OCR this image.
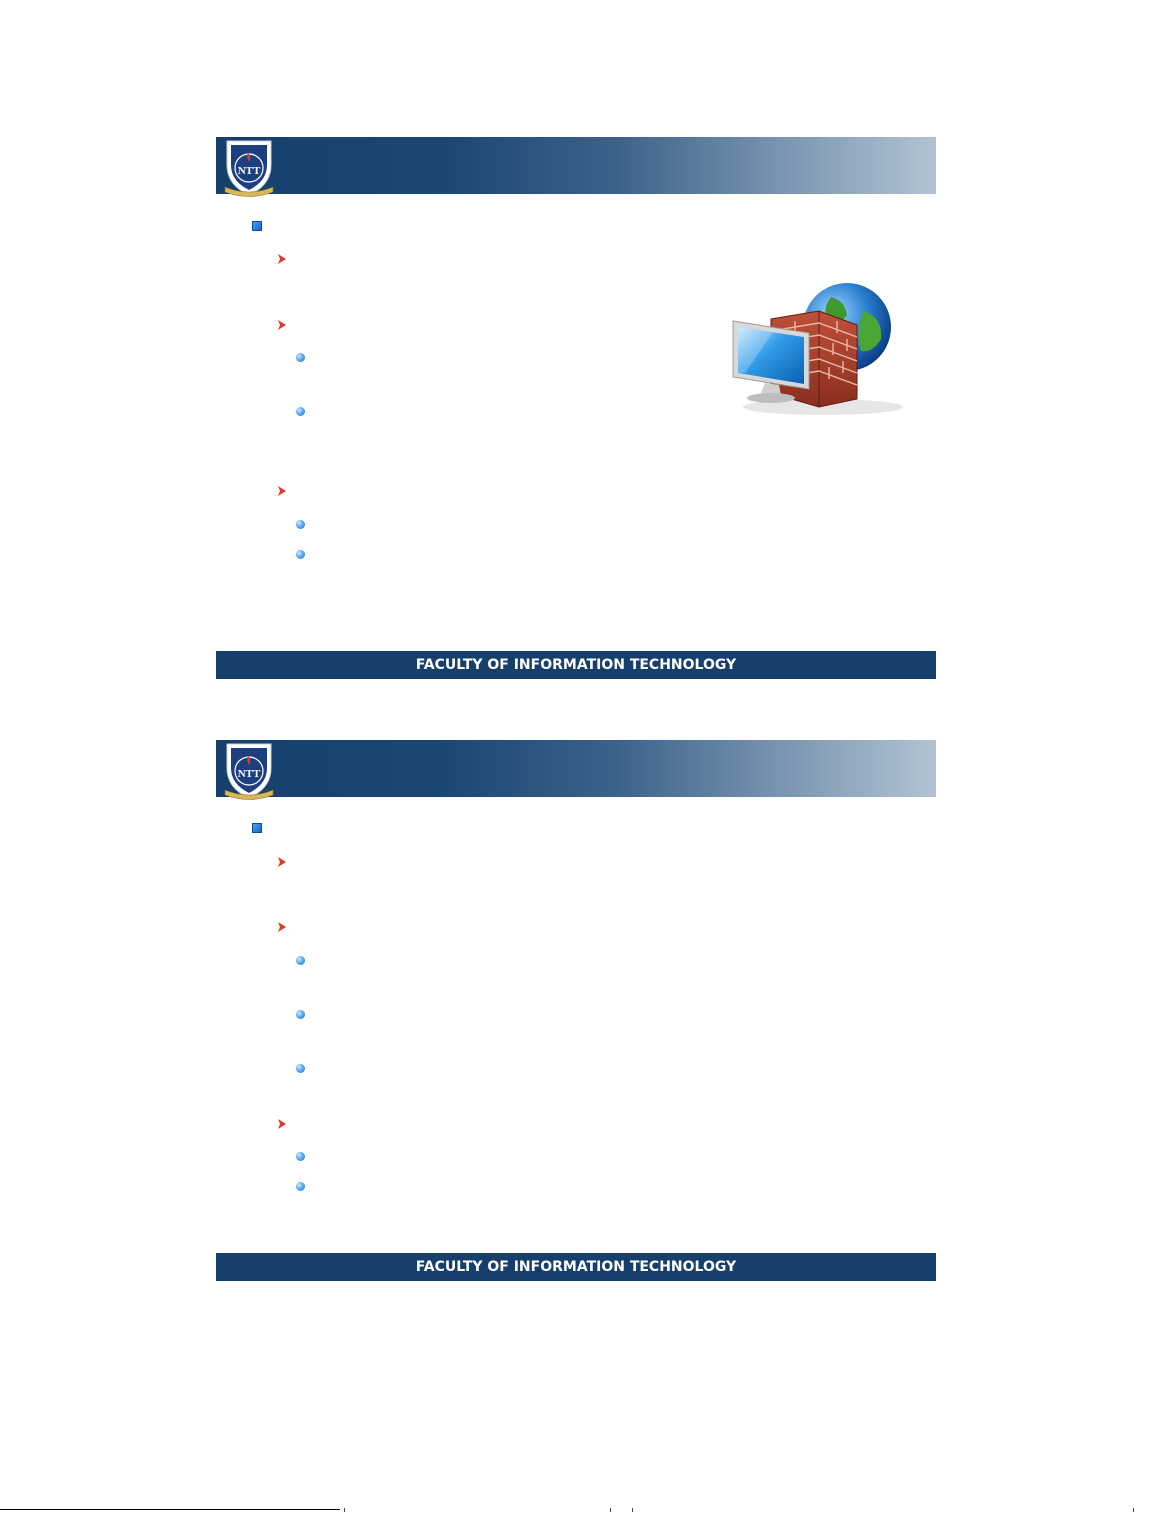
NTT
FACULTY OF INFORMATION TECHNOLOGY
NTT
FACULTY OF INFORMATION TECHNOLOGY
